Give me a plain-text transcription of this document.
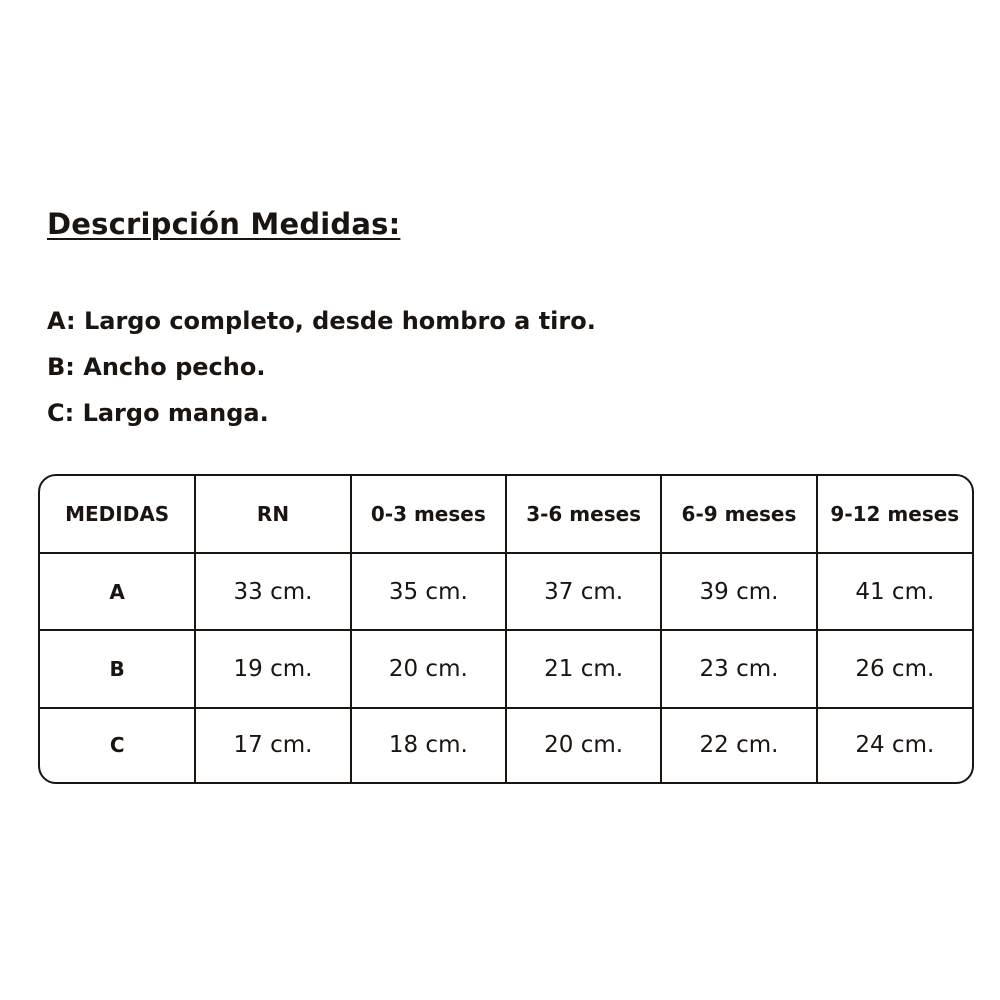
Descripción Medidas:
A: Largo completo, desde hombro a tiro.
B: Ancho pecho.
C: Largo manga.
MEDIDAS	RN	0-3 meses	3-6 meses	6-9 meses	9-12 meses
A	33 cm.	35 cm.	37 cm.	39 cm.	41 cm.
B	19 cm.	20 cm.	21 cm.	23 cm.	26 cm.
C	17 cm.	18 cm.	20 cm.	22 cm.	24 cm.
